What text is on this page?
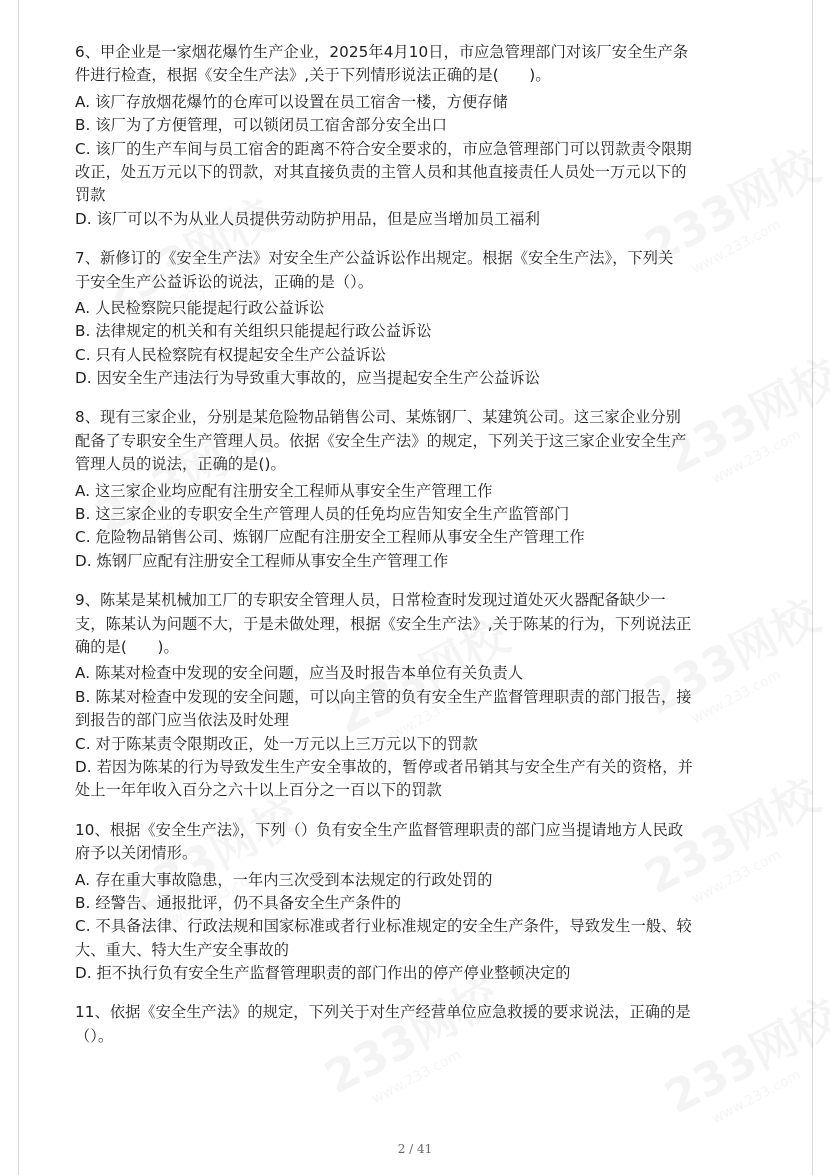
6、甲企业是一家烟花爆竹生产企业，2025年4月10日，市应急管理部门对该厂安全生产条
件进行检查，根据《安全生产法》,关于下列情形说法正确的是(　　)。
A. 该厂存放烟花爆竹的仓库可以设置在员工宿舍一楼，方便存储
B. 该厂为了方便管理，可以锁闭员工宿舍部分安全出口
C. 该厂的生产车间与员工宿舍的距离不符合安全要求的，市应急管理部门可以罚款责令限期
改正，处五万元以下的罚款，对其直接负责的主管人员和其他直接责任人员处一万元以下的
罚款
D. 该厂可以不为从业人员提供劳动防护用品，但是应当增加员工福利
7、新修订的《安全生产法》对安全生产公益诉讼作出规定。根据《安全生产法》，下列关
于安全生产公益诉讼的说法，正确的是（）。
A. 人民检察院只能提起行政公益诉讼
B. 法律规定的机关和有关组织只能提起行政公益诉讼
C. 只有人民检察院有权提起安全生产公益诉讼
D. 因安全生产违法行为导致重大事故的，应当提起安全生产公益诉讼
8、现有三家企业，分别是某危险物品销售公司、某炼钢厂、某建筑公司。这三家企业分别
配备了专职安全生产管理人员。依据《安全生产法》的规定，下列关于这三家企业安全生产
管理人员的说法，正确的是()。
A. 这三家企业均应配有注册安全工程师从事安全生产管理工作
B. 这三家企业的专职安全生产管理人员的任免均应告知安全生产监管部门
C. 危险物品销售公司、炼钢厂应配有注册安全工程师从事安全生产管理工作
D. 炼钢厂应配有注册安全工程师从事安全生产管理工作
9、陈某是某机械加工厂的专职安全管理人员，日常检查时发现过道处灭火器配备缺少一
支，陈某认为问题不大，于是未做处理，根据《安全生产法》,关于陈某的行为，下列说法正
确的是(　　)。
A. 陈某对检查中发现的安全问题，应当及时报告本单位有关负责人
B. 陈某对检查中发现的安全问题，可以向主管的负有安全生产监督管理职责的部门报告，接
到报告的部门应当依法及时处理
C. 对于陈某责令限期改正，处一万元以上三万元以下的罚款
D. 若因为陈某的行为导致发生生产安全事故的，暂停或者吊销其与安全生产有关的资格，并
处上一年年收入百分之六十以上百分之一百以下的罚款
10、根据《安全生产法》，下列（）负有安全生产监督管理职责的部门应当提请地方人民政
府予以关闭情形。
A. 存在重大事故隐患，一年内三次受到本法规定的行政处罚的
B. 经警告、通报批评，仍不具备安全生产条件的
C. 不具备法律、行政法规和国家标准或者行业标准规定的安全生产条件，导致发生一般、较
大、重大、特大生产安全事故的
D. 拒不执行负有安全生产监督管理职责的部门作出的停产停业整顿决定的
11、依据《安全生产法》的规定，下列关于对生产经营单位应急救援的要求说法，正确的是
（）。
2 / 41
